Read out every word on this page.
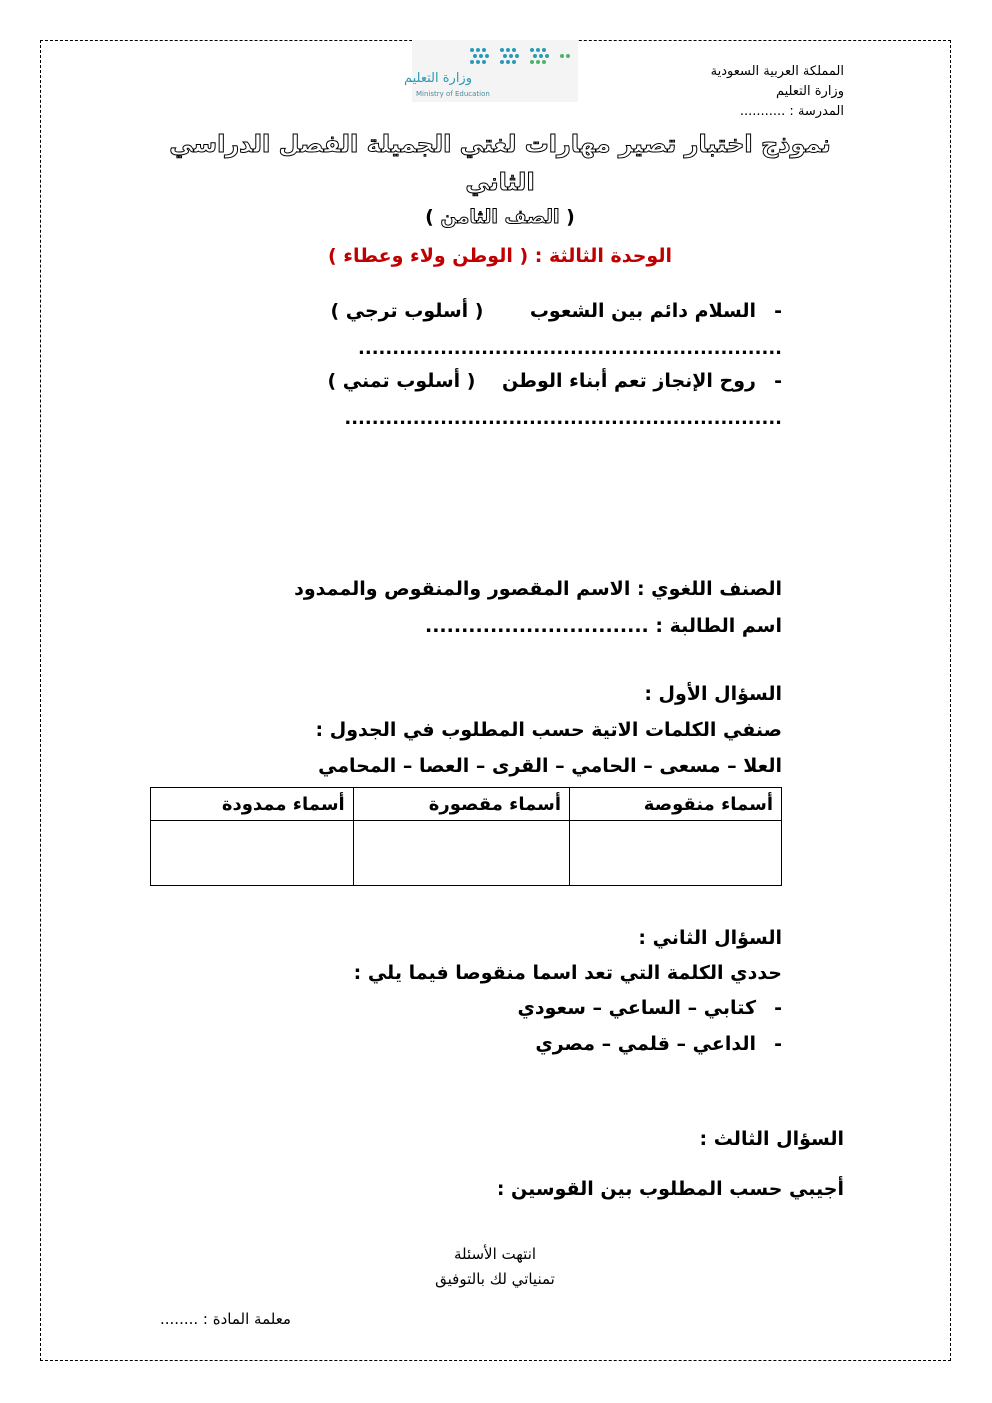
المملكة العربية السعودية
وزارة التعليم
المدرسة : ...........
وزارة التعليم
Ministry of Education
نموذج اختبار تصير مهارات لغتي الجميلة الفصل الدراسي
الثاني
( الصف الثامن )
الوحدة الثالثة : ( الوطن ولاء وعطاء )
-السلام دائم بين الشعوب       ( أسلوب ترجي )
..............................................................
-روح الإنجاز تعم أبناء الوطن    ( أسلوب تمني )
................................................................
الصنف اللغوي : الاسم المقصور والمنقوص والممدود
اسم الطالبة : ...............................
السؤال الأول :
صنفي الكلمات الاتية حسب المطلوب في الجدول :
العلا – مسعى – الحامي – القرى – العصا – المحامي
أسماء منقوصة	أسماء مقصورة	أسماء ممدودة

السؤال الثاني :
حددي الكلمة التي تعد اسما منقوصا فيما يلي :
-كتابي – الساعي – سعودي
-الداعي – قلمي – مصري
السؤال الثالث :
أجيبي حسب المطلوب بين القوسين :
انتهت الأسئلة
تمنياتي لك بالتوفيق
معلمة المادة : ........
